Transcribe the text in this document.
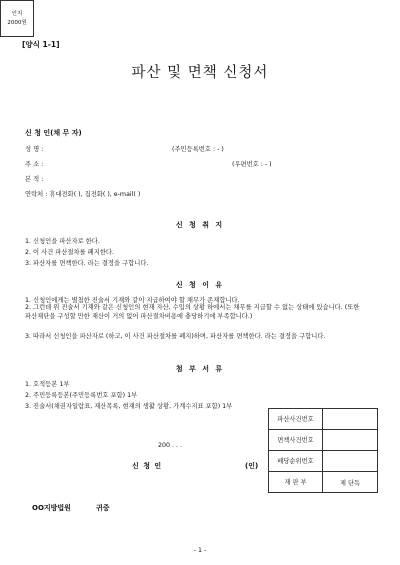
[양식 1-1]
파산 및 면책 신청서
인지
2000원
신 청 인(채 무 자)
성 명 :	(주민등록번호 : - )
주 소 :	(우편번호 : - )
본 적 :
연락처 : 휴대전화( ), 집전화( ), e-mail( )
신 청 취 지
1. 신청인을 파산자로 한다.
2. 이 사건 파산절차를 폐지한다.
3. 파산자를 면책한다. 라는 결정을 구합니다.
신 청 이 유
1. 신청인에게는 별첨한 진술서 기재와 같이 지급하여야 할 채무가 존재합니다.
2. 그런데 위 진술서 기재와 같은 신청인의 현재 자산, 수입의 상황 하에서는 채무를 지급할 수 없는 상태에 있습니다. (또한 파산재단을 구성할 만한 재산이 거의 없어 파산절차비용에 충당하기에 부족합니다.)
3. 따라서 신청인을 파산자로 (하고, 이 사건 파산절차를 폐지)하며, 파산자를 면책한다. 라는 결정을 구합니다.
첨 부 서 류
1. 호적등본 1부
2. 주민등록등본(주민등록번호 포함) 1부
3. 진술서(채권자일람표, 재산목록, 현재의 생활 상황, 가계수지표 포함) 1부
파산사건번호	
면책사건번호	
배당순위번호	
재 판 부	제 단독
200 . . .
신 청 인	(인)
OO지방법원	귀중
- 1 -
